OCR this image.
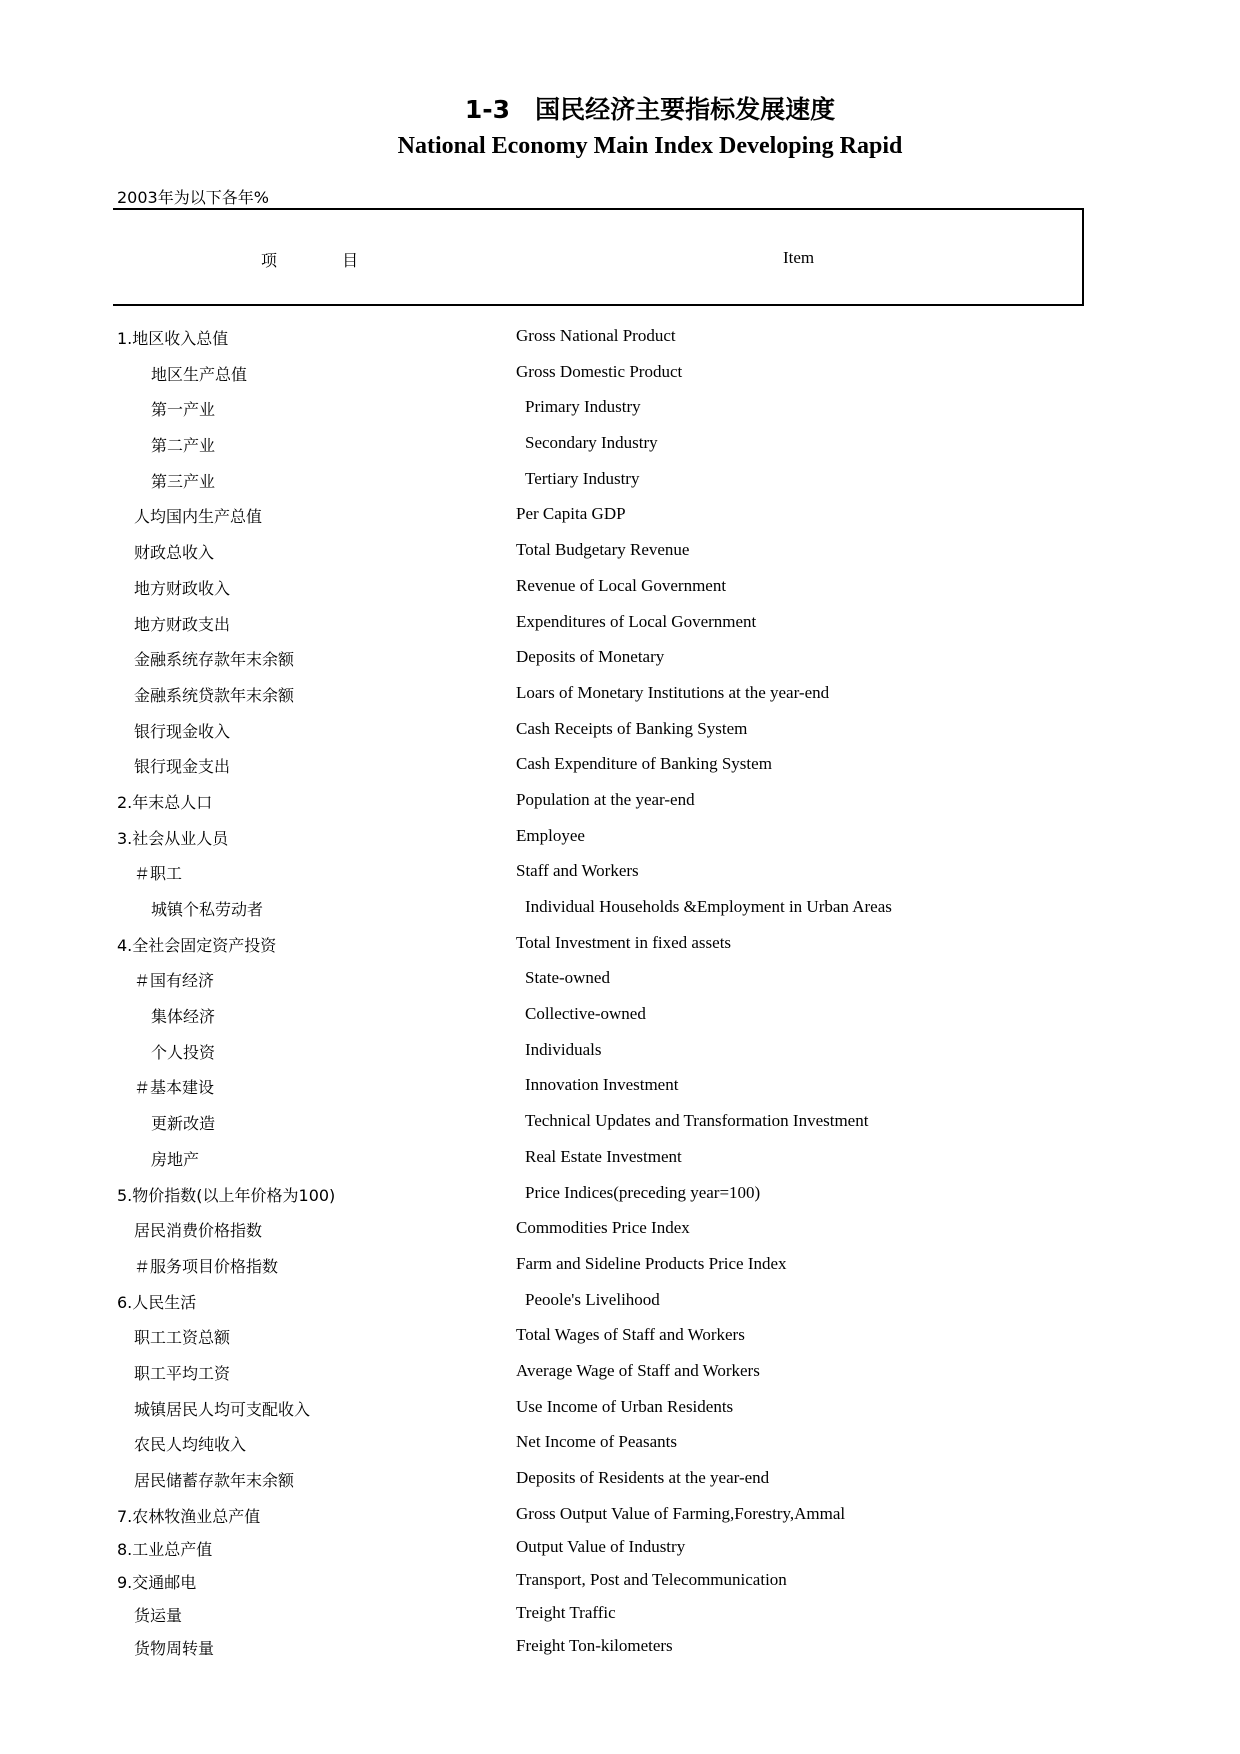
1-3　国民经济主要指标发展速度
National Economy Main Index Developing Rapid
2003年为以下各年%
项 目	Item
1.地区收入总值	Gross National Product
地区生产总值	Gross Domestic Product
第一产业	Primary Industry
第二产业	Secondary Industry
第三产业	Tertiary Industry
人均国内生产总值	Per Capita GDP
财政总收入	Total Budgetary Revenue
地方财政收入	Revenue of Local Government
地方财政支出	Expenditures of Local Government
金融系统存款年末余额	Deposits of Monetary
金融系统贷款年末余额	Loars of Monetary Institutions at the year-end
银行现金收入	Cash Receipts of Banking System
银行现金支出	Cash Expenditure of Banking System
2.年末总人口	Population at the year-end
3.社会从业人员	Employee
＃职工	Staff and Workers
城镇个私劳动者	Individual Households &Employment in Urban Areas
4.全社会固定资产投资	Total Investment in fixed assets
＃国有经济	State-owned
集体经济	Collective-owned
个人投资	Individuals
＃基本建设	Innovation Investment
更新改造	Technical Updates and Transformation Investment
房地产	Real Estate Investment
5.物价指数(以上年价格为100)	Price Indices(preceding year=100)
居民消费价格指数	Commodities Price Index
＃服务项目价格指数	Farm and Sideline Products Price Index
6.人民生活	Peoole's Livelihood
职工工资总额	Total Wages of Staff and Workers
职工平均工资	Average Wage of Staff and Workers
城镇居民人均可支配收入	Use Income of Urban Residents
农民人均纯收入	Net Income of Peasants
居民储蓄存款年末余额	Deposits of Residents at the year-end
7.农林牧渔业总产值	Gross Output Value of Farming,Forestry,Ammal
8.工业总产值	Output Value of Industry
9.交通邮电	Transport, Post and Telecommunication
货运量	Treight Traffic
货物周转量	Freight Ton-kilometers
